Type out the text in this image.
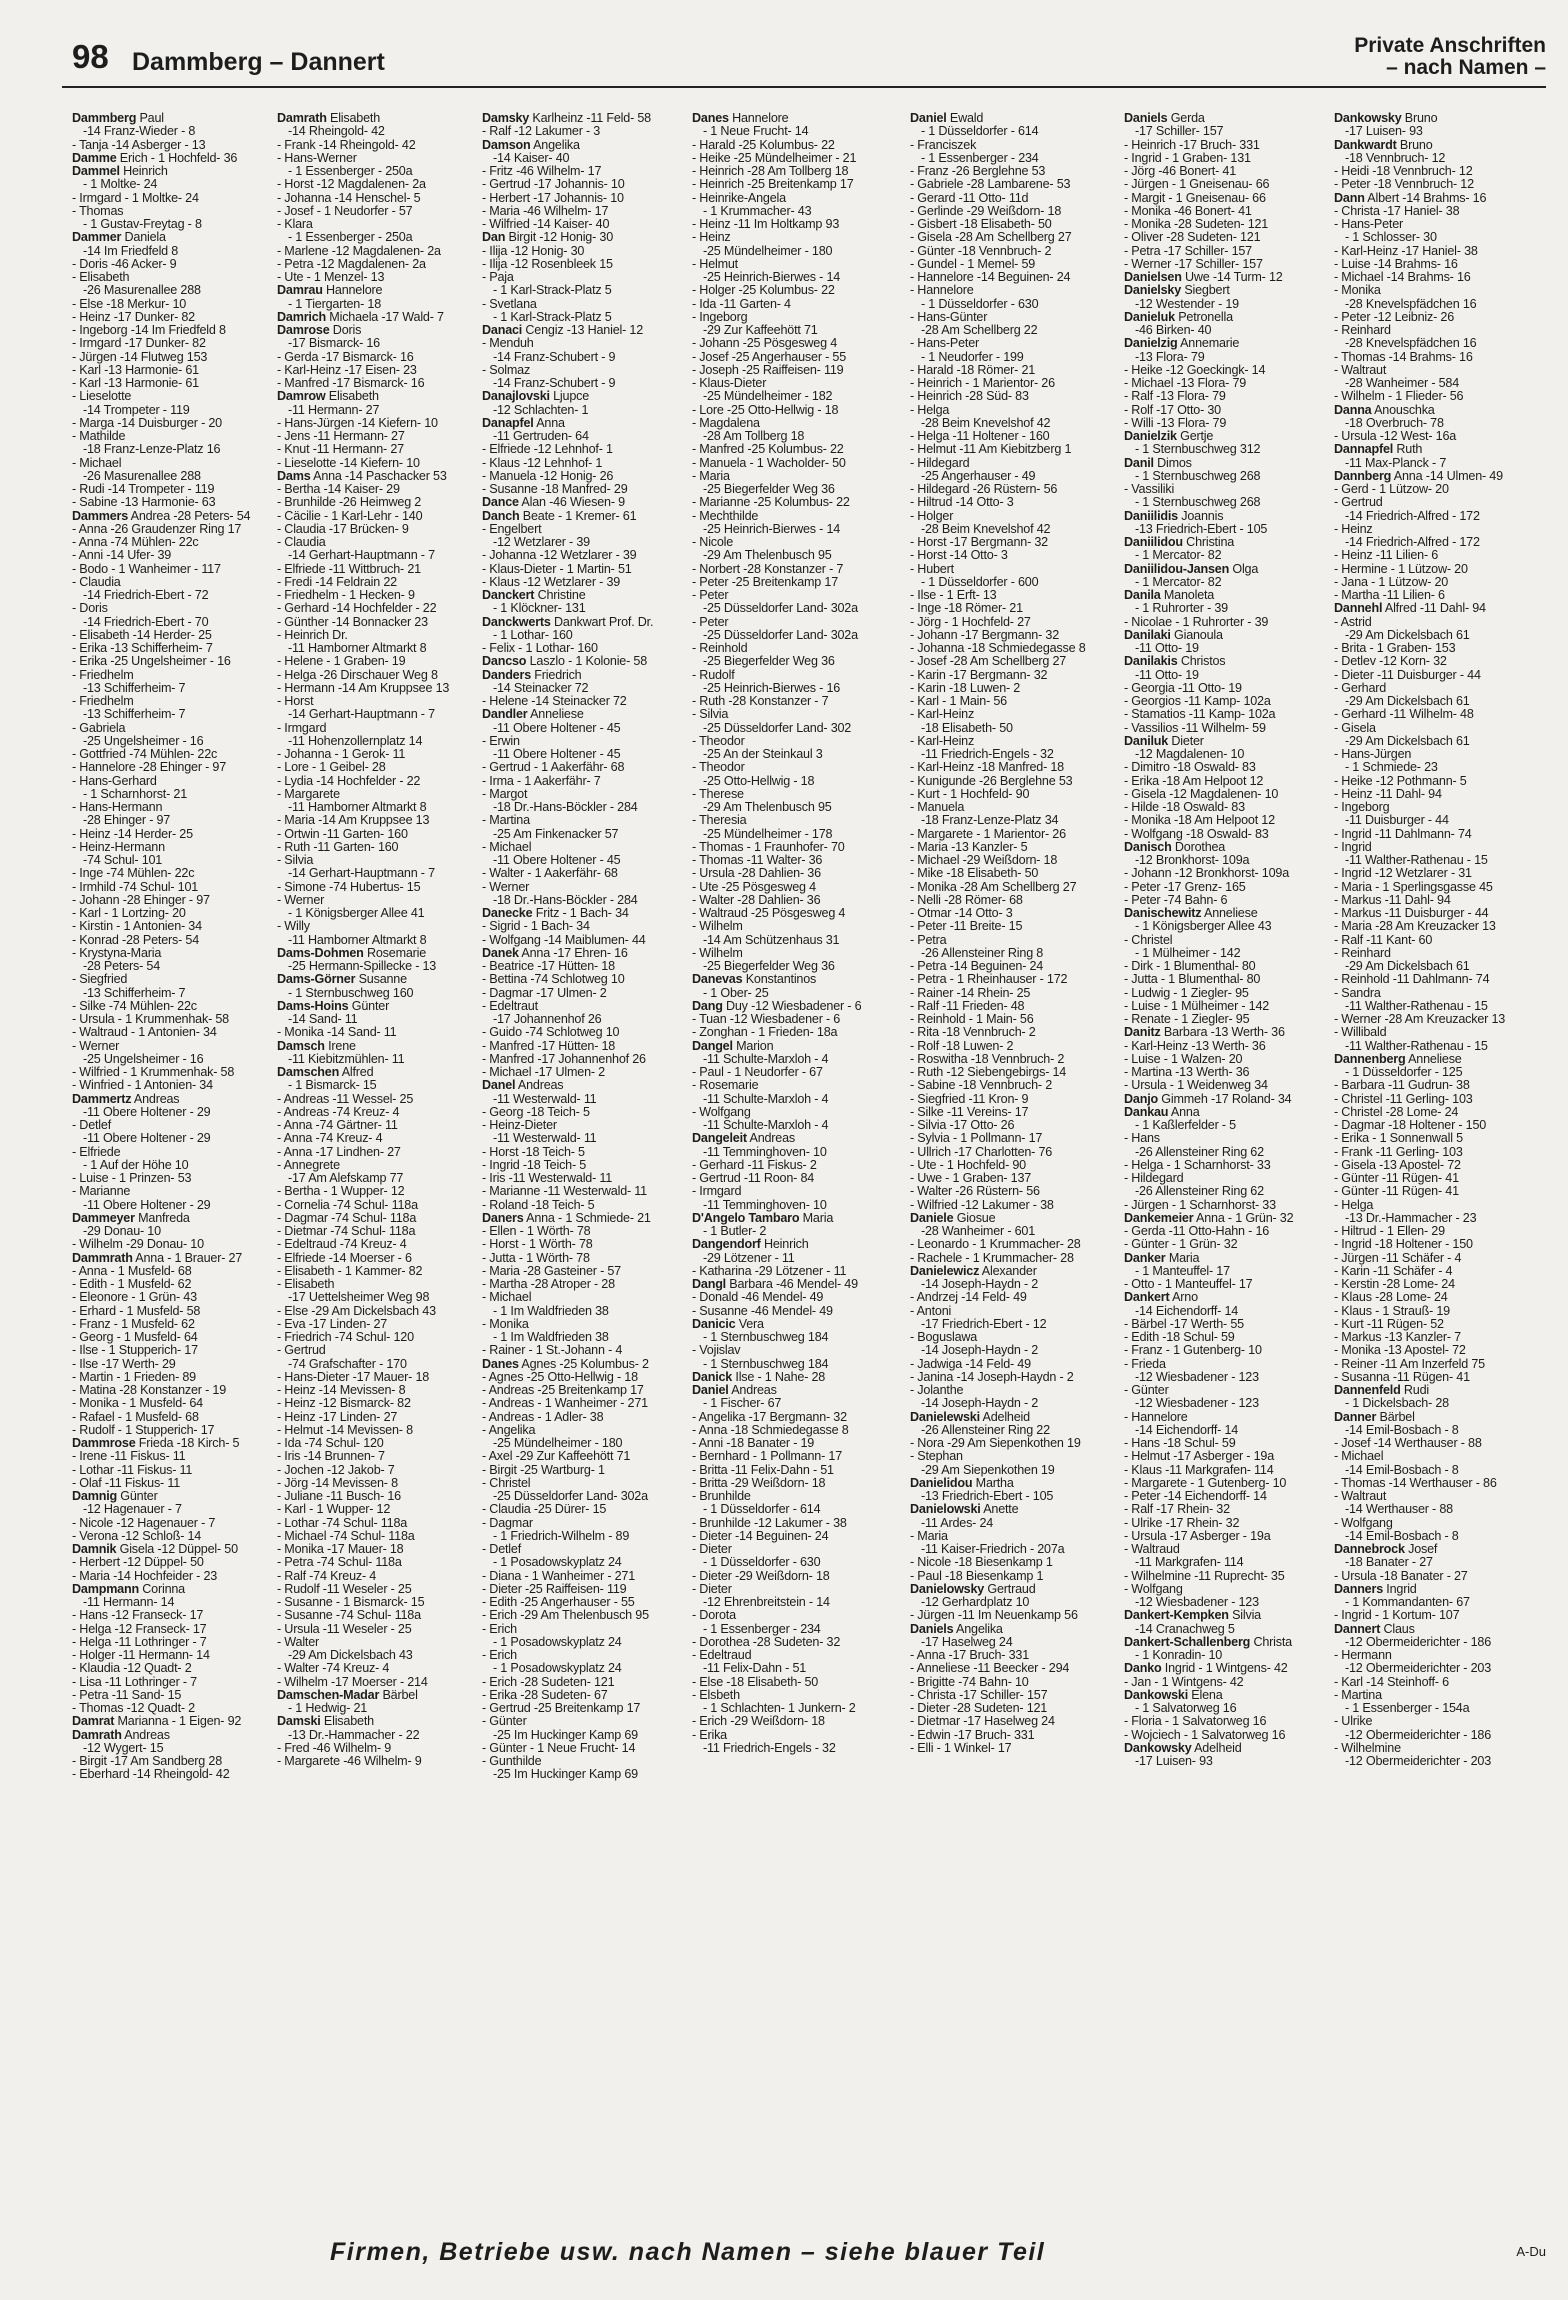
98 Dammberg – Dannert
Private Anschriften
– nach Namen –
Dammberg Paul
-14 Franz-Wieder - 8
- Tanja -14 Asberger - 13
Damme Erich - 1 Hochfeld- 36
Dammel Heinrich
- 1 Moltke- 24
- Irmgard - 1 Moltke- 24
- Thomas
- 1 Gustav-Freytag - 8
Dammer Daniela
-14 Im Friedfeld 8
- Doris -46 Acker- 9
- Elisabeth
-26 Masurenallee 288
- Else -18 Merkur- 10
- Heinz -17 Dunker- 82
- Ingeborg -14 Im Friedfeld 8
- Irmgard -17 Dunker- 82
- Jürgen -14 Flutweg 153
- Karl -13 Harmonie- 61
- Karl -13 Harmonie- 61
- Lieselotte
-14 Trompeter - 119
- Marga -14 Duisburger - 20
- Mathilde
-18 Franz-Lenze-Platz 16
- Michael
-26 Masurenallee 288
- Rudi -14 Trompeter - 119
- Sabine -13 Harmonie- 63
Dammers Andrea -28 Peters- 54
- Anna -26 Graudenzer Ring 17
- Anna -74 Mühlen- 22c
- Anni -14 Ufer- 39
- Bodo - 1 Wanheimer - 117
- Claudia
-14 Friedrich-Ebert - 72
- Doris
-14 Friedrich-Ebert - 70
- Elisabeth -14 Herder- 25
- Erika -13 Schifferheim- 7
- Erika -25 Ungelsheimer - 16
- Friedhelm
-13 Schifferheim- 7
- Friedhelm
-13 Schifferheim- 7
- Gabriela
-25 Ungelsheimer - 16
- Gottfried -74 Mühlen- 22c
- Hannelore -28 Ehinger - 97
- Hans-Gerhard
- 1 Scharnhorst- 21
- Hans-Hermann
-28 Ehinger - 97
- Heinz -14 Herder- 25
- Heinz-Hermann
-74 Schul- 101
- Inge -74 Mühlen- 22c
- Irmhild -74 Schul- 101
- Johann -28 Ehinger - 97
- Karl - 1 Lortzing- 20
- Kirstin - 1 Antonien- 34
- Konrad -28 Peters- 54
- Krystyna-Maria
-28 Peters- 54
- Siegfried
-13 Schifferheim- 7
- Silke -74 Mühlen- 22c
- Ursula - 1 Krummenhak- 58
- Waltraud - 1 Antonien- 34
- Werner
-25 Ungelsheimer - 16
- Wilfried - 1 Krummenhak- 58
- Winfried - 1 Antonien- 34
Dammertz Andreas
-11 Obere Holtener - 29
- Detlef
-11 Obere Holtener - 29
- Elfriede
- 1 Auf der Höhe 10
- Luise - 1 Prinzen- 53
- Marianne
-11 Obere Holtener - 29
Dammeyer Manfreda
-29 Donau- 10
- Wilhelm -29 Donau- 10
Dammrath Anna - 1 Brauer- 27
- Anna - 1 Musfeld- 68
- Edith - 1 Musfeld- 62
- Eleonore - 1 Grün- 43
- Erhard - 1 Musfeld- 58
- Franz - 1 Musfeld- 62
- Georg - 1 Musfeld- 64
- Ilse - 1 Stupperich- 17
- Ilse -17 Werth- 29
- Martin - 1 Frieden- 89
- Matina -28 Konstanzer - 19
- Monika - 1 Musfeld- 64
- Rafael - 1 Musfeld- 68
- Rudolf - 1 Stupperich- 17
Dammrose Frieda -18 Kirch- 5
- Irene -11 Fiskus- 11
- Lothar -11 Fiskus- 11
- Olaf -11 Fiskus- 11
Damnig Günter
-12 Hagenauer - 7
- Nicole -12 Hagenauer - 7
- Verona -12 Schloß- 14
Damnik Gisela -12 Düppel- 50
- Herbert -12 Düppel- 50
- Maria -14 Hochfeider - 23
Dampmann Corinna
-11 Hermann- 14
- Hans -12 Franseck- 17
- Helga -12 Franseck- 17
- Helga -11 Lothringer - 7
- Holger -11 Hermann- 14
- Klaudia -12 Quadt- 2
- Lisa -11 Lothringer - 7
- Petra -11 Sand- 15
- Thomas -12 Quadt- 2
Damrat Marianna - 1 Eigen- 92
Damrath Andreas
-12 Wygert- 15
- Birgit -17 Am Sandberg 28
- Eberhard -14 Rheingold- 42
Damrath Elisabeth
-14 Rheingold- 42
- Frank -14 Rheingold- 42
- Hans-Werner
- 1 Essenberger - 250a
- Horst -12 Magdalenen- 2a
- Johanna -14 Henschel- 5
- Josef - 1 Neudorfer - 57
- Klara
- 1 Essenberger - 250a
- Marlene -12 Magdalenen- 2a
- Petra -12 Magdalenen- 2a
- Ute - 1 Menzel- 13
Damrau Hannelore
- 1 Tiergarten- 18
Damrich Michaela -17 Wald- 7
Damrose Doris
-17 Bismarck- 16
- Gerda -17 Bismarck- 16
- Karl-Heinz -17 Eisen- 23
- Manfred -17 Bismarck- 16
Damrow Elisabeth
-11 Hermann- 27
- Hans-Jürgen -14 Kiefern- 10
- Jens -11 Hermann- 27
- Knut -11 Hermann- 27
- Lieselotte -14 Kiefern- 10
Dams Anna -14 Paschacker 53
- Bertha -14 Kaiser- 29
- Brunhilde -26 Heimweg 2
- Cäcilie - 1 Karl-Lehr - 140
- Claudia -17 Brücken- 9
- Claudia
-14 Gerhart-Hauptmann - 7
- Elfriede -11 Wittbruch- 21
- Fredi -14 Feldrain 22
- Friedhelm - 1 Hecken- 9
- Gerhard -14 Hochfelder - 22
- Günther -14 Bonnacker 23
- Heinrich Dr.
-11 Hamborner Altmarkt 8
- Helene - 1 Graben- 19
- Helga -26 Dirschauer Weg 8
- Hermann -14 Am Kruppsee 13
- Horst
-14 Gerhart-Hauptmann - 7
- Irmgard
-11 Hohenzollernplatz 14
- Johanna - 1 Gerok- 11
- Lore - 1 Geibel- 28
- Lydia -14 Hochfelder - 22
- Margarete
-11 Hamborner Altmarkt 8
- Maria -14 Am Kruppsee 13
- Ortwin -11 Garten- 160
- Ruth -11 Garten- 160
- Silvia
-14 Gerhart-Hauptmann - 7
- Simone -74 Hubertus- 15
- Werner
- 1 Königsberger Allee 41
- Willy
-11 Hamborner Altmarkt 8
Dams-Dohmen Rosemarie
-25 Hermann-Spillecke - 13
Dams-Görner Susanne
- 1 Sternbuschweg 160
Dams-Hoins Günter
-14 Sand- 11
- Monika -14 Sand- 11
Damsch Irene
-11 Kiebitzmühlen- 11
Damschen Alfred
- 1 Bismarck- 15
- Andreas -11 Wessel- 25
- Andreas -74 Kreuz- 4
- Anna -74 Gärtner- 11
- Anna -74 Kreuz- 4
- Anna -17 Lindhen- 27
- Annegrete
-17 Am Alefskamp 77
- Bertha - 1 Wupper- 12
- Cornelia -74 Schul- 118a
- Dagmar -74 Schul- 118a
- Dietmar -74 Schul- 118a
- Edeltraud -74 Kreuz- 4
- Elfriede -14 Moerser - 6
- Elisabeth - 1 Kammer- 82
- Elisabeth
-17 Uettelsheimer Weg 98
- Else -29 Am Dickelsbach 43
- Eva -17 Linden- 27
- Friedrich -74 Schul- 120
- Gertrud
-74 Grafschafter - 170
- Hans-Dieter -17 Mauer- 18
- Heinz -14 Mevissen- 8
- Heinz -12 Bismarck- 82
- Heinz -17 Linden- 27
- Helmut -14 Mevissen- 8
- Ida -74 Schul- 120
- Iris -14 Brunnen- 7
- Jochen -12 Jakob- 7
- Jörg -14 Mevissen- 8
- Juliane -11 Busch- 16
- Karl - 1 Wupper- 12
- Lothar -74 Schul- 118a
- Michael -74 Schul- 118a
- Monika -17 Mauer- 18
- Petra -74 Schul- 118a
- Ralf -74 Kreuz- 4
- Rudolf -11 Weseler - 25
- Susanne - 1 Bismarck- 15
- Susanne -74 Schul- 118a
- Ursula -11 Weseler - 25
- Walter
-29 Am Dickelsbach 43
- Walter -74 Kreuz- 4
- Wilhelm -17 Moerser - 214
Damschen-Madar Bärbel
- 1 Hedwig- 21
Damski Elisabeth
-13 Dr.-Hammacher - 22
- Fred -46 Wilhelm- 9
- Margarete -46 Wilhelm- 9
Damsky Karlheinz -11 Feld- 58
- Ralf -12 Lakumer - 3
Damson Angelika
-14 Kaiser- 40
- Fritz -46 Wilhelm- 17
- Gertrud -17 Johannis- 10
- Herbert -17 Johannis- 10
- Maria -46 Wilhelm- 17
- Wilfried -14 Kaiser- 40
Dan Birgit -12 Honig- 30
- Ilija -12 Honig- 30
- Ilija -12 Rosenbleek 15
- Paja
- 1 Karl-Strack-Platz 5
- Svetlana
- 1 Karl-Strack-Platz 5
Danaci Cengiz -13 Haniel- 12
- Menduh
-14 Franz-Schubert - 9
- Solmaz
-14 Franz-Schubert - 9
Danajlovski Ljupce
-12 Schlachten- 1
Danapfel Anna
-11 Gertruden- 64
- Elfriede -12 Lehnhof- 1
- Klaus -12 Lehnhof- 1
- Manuela -12 Honig- 26
- Susanne -18 Manfred- 29
Dance Alan -46 Wiesen- 9
Danch Beate - 1 Kremer- 61
- Engelbert
-12 Wetzlarer - 39
- Johanna -12 Wetzlarer - 39
- Klaus-Dieter - 1 Martin- 51
- Klaus -12 Wetzlarer - 39
Danckert Christine
- 1 Klöckner- 131
Danckwerts Dankwart Prof. Dr.
- 1 Lothar- 160
- Felix - 1 Lothar- 160
Dancso Laszlo - 1 Kolonie- 58
Danders Friedrich
-14 Steinacker 72
- Helene -14 Steinacker 72
Dandler Anneliese
-11 Obere Holtener - 45
- Erwin
-11 Obere Holtener - 45
- Gertrud - 1 Aakerfähr- 68
- Irma - 1 Aakerfähr- 7
- Margot
-18 Dr.-Hans-Böckler - 284
- Martina
-25 Am Finkenacker 57
- Michael
-11 Obere Holtener - 45
- Walter - 1 Aakerfähr- 68
- Werner
-18 Dr.-Hans-Böckler - 284
Danecke Fritz - 1 Bach- 34
- Sigrid - 1 Bach- 34
- Wolfgang -14 Maiblumen- 44
Danek Anna -17 Ehren- 16
- Beatrice -17 Hütten- 18
- Bettina -74 Schlotweg 10
- Dagmar -17 Ulmen- 2
- Edeltraut
-17 Johannenhof 26
- Guido -74 Schlotweg 10
- Manfred -17 Hütten- 18
- Manfred -17 Johannenhof 26
- Michael -17 Ulmen- 2
Danel Andreas
-11 Westerwald- 11
- Georg -18 Teich- 5
- Heinz-Dieter
-11 Westerwald- 11
- Horst -18 Teich- 5
- Ingrid -18 Teich- 5
- Iris -11 Westerwald- 11
- Marianne -11 Westerwald- 11
- Roland -18 Teich- 5
Daners Anna - 1 Schmiede- 21
- Ellen - 1 Wörth- 78
- Horst - 1 Wörth- 78
- Jutta - 1 Wörth- 78
- Maria -28 Gasteiner - 57
- Martha -28 Atroper - 28
- Michael
- 1 Im Waldfrieden 38
- Monika
- 1 Im Waldfrieden 38
- Rainer - 1 St.-Johann - 4
Danes Agnes -25 Kolumbus- 2
- Agnes -25 Otto-Hellwig - 18
- Andreas -25 Breitenkamp 17
- Andreas - 1 Wanheimer - 271
- Andreas - 1 Adler- 38
- Angelika
-25 Mündelheimer - 180
- Axel -29 Zur Kaffeehött 71
- Birgit -25 Wartburg- 1
- Christel
-25 Düsseldorfer Land- 302a
- Claudia -25 Dürer- 15
- Dagmar
- 1 Friedrich-Wilhelm - 89
- Detlef
- 1 Posadowskyplatz 24
- Diana - 1 Wanheimer - 271
- Dieter -25 Raiffeisen- 119
- Edith -25 Angerhauser - 55
- Erich -29 Am Thelenbusch 95
- Erich
- 1 Posadowskyplatz 24
- Erich
- 1 Posadowskyplatz 24
- Erich -28 Sudeten- 121
- Erika -28 Sudeten- 67
- Gertrud -25 Breitenkamp 17
- Günter
-25 Im Huckinger Kamp 69
- Günter - 1 Neue Frucht- 14
- Gunthilde
-25 Im Huckinger Kamp 69
Danes Hannelore
- 1 Neue Frucht- 14
- Harald -25 Kolumbus- 22
- Heike -25 Mündelheimer - 21
- Heinrich -28 Am Tollberg 18
- Heinrich -25 Breitenkamp 17
- Heinrike-Angela
- 1 Krummacher- 43
- Heinz -11 Im Holtkamp 93
- Heinz
-25 Mündelheimer - 180
- Helmut
-25 Heinrich-Bierwes - 14
- Holger -25 Kolumbus- 22
- Ida -11 Garten- 4
- Ingeborg
-29 Zur Kaffeehött 71
- Johann -25 Pösgesweg 4
- Josef -25 Angerhauser - 55
- Joseph -25 Raiffeisen- 119
- Klaus-Dieter
-25 Mündelheimer - 182
- Lore -25 Otto-Hellwig - 18
- Magdalena
-28 Am Tollberg 18
- Manfred -25 Kolumbus- 22
- Manuela - 1 Wacholder- 50
- Maria
-25 Biegerfelder Weg 36
- Marianne -25 Kolumbus- 22
- Mechthilde
-25 Heinrich-Bierwes - 14
- Nicole
-29 Am Thelenbusch 95
- Norbert -28 Konstanzer - 7
- Peter -25 Breitenkamp 17
- Peter
-25 Düsseldorfer Land- 302a
- Peter
-25 Düsseldorfer Land- 302a
- Reinhold
-25 Biegerfelder Weg 36
- Rudolf
-25 Heinrich-Bierwes - 16
- Ruth -28 Konstanzer - 7
- Silvia
-25 Düsseldorfer Land- 302
- Theodor
-25 An der Steinkaul 3
- Theodor
-25 Otto-Hellwig - 18
- Therese
-29 Am Thelenbusch 95
- Theresia
-25 Mündelheimer - 178
- Thomas - 1 Fraunhofer- 70
- Thomas -11 Walter- 36
- Ursula -28 Dahlien- 36
- Ute -25 Pösgesweg 4
- Walter -28 Dahlien- 36
- Waltraud -25 Pösgesweg 4
- Wilhelm
-14 Am Schützenhaus 31
- Wilhelm
-25 Biegerfelder Weg 36
Danevas Konstantinos
- 1 Ober- 25
Dang Duy -12 Wiesbadener - 6
- Tuan -12 Wiesbadener - 6
- Zonghan - 1 Frieden- 18a
Dangel Marion
-11 Schulte-Marxloh - 4
- Paul - 1 Neudorfer - 67
- Rosemarie
-11 Schulte-Marxloh - 4
- Wolfgang
-11 Schulte-Marxloh - 4
Dangeleit Andreas
-11 Temminghoven- 10
- Gerhard -11 Fiskus- 2
- Gertrud -11 Roon- 84
- Irmgard
-11 Temminghoven- 10
D'Angelo Tambaro Maria
- 1 Butler- 2
Dangendorf Heinrich
-29 Lötzener - 11
- Katharina -29 Lötzener - 11
Dangl Barbara -46 Mendel- 49
- Donald -46 Mendel- 49
- Susanne -46 Mendel- 49
Danicic Vera
- 1 Sternbuschweg 184
- Vojislav
- 1 Sternbuschweg 184
Danick Ilse - 1 Nahe- 28
Daniel Andreas
- 1 Fischer- 67
- Angelika -17 Bergmann- 32
- Anna -18 Schmiedegasse 8
- Anni -18 Banater - 19
- Bernhard - 1 Pollmann- 17
- Britta -11 Felix-Dahn - 51
- Britta -29 Weißdorn- 18
- Brunhilde
- 1 Düsseldorfer - 614
- Brunhilde -12 Lakumer - 38
- Dieter -14 Beguinen- 24
- Dieter
- 1 Düsseldorfer - 630
- Dieter -29 Weißdorn- 18
- Dieter
-12 Ehrenbreitstein - 14
- Dorota
- 1 Essenberger - 234
- Dorothea -28 Sudeten- 32
- Edeltraud
-11 Felix-Dahn - 51
- Else -18 Elisabeth- 50
- Elsbeth
- 1 Schlachten- 1 Junkern- 2
- Erich -29 Weißdorn- 18
- Erika
-11 Friedrich-Engels - 32
Daniel Ewald
- 1 Düsseldorfer - 614
- Franciszek
- 1 Essenberger - 234
- Franz -26 Berglehne 53
- Gabriele -28 Lambarene- 53
- Gerard -11 Otto- 11d
- Gerlinde -29 Weißdorn- 18
- Gisbert -18 Elisabeth- 50
- Gisela -28 Am Schellberg 27
- Günter -18 Vennbruch- 2
- Gundel - 1 Memel- 59
- Hannelore -14 Beguinen- 24
- Hannelore
- 1 Düsseldorfer - 630
- Hans-Günter
-28 Am Schellberg 22
- Hans-Peter
- 1 Neudorfer - 199
- Harald -18 Römer- 21
- Heinrich - 1 Marientor- 26
- Heinrich -28 Süd- 83
- Helga
-28 Beim Knevelshof 42
- Helga -11 Holtener - 160
- Helmut -11 Am Kiebitzberg 1
- Hildegard
-25 Angerhauser - 49
- Hildegard -26 Rüstern- 56
- Hiltrud -14 Otto- 3
- Holger
-28 Beim Knevelshof 42
- Horst -17 Bergmann- 32
- Horst -14 Otto- 3
- Hubert
- 1 Düsseldorfer - 600
- Ilse - 1 Erft- 13
- Inge -18 Römer- 21
- Jörg - 1 Hochfeld- 27
- Johann -17 Bergmann- 32
- Johanna -18 Schmiedegasse 8
- Josef -28 Am Schellberg 27
- Karin -17 Bergmann- 32
- Karin -18 Luwen- 2
- Karl - 1 Main- 56
- Karl-Heinz
-18 Elisabeth- 50
- Karl-Heinz
-11 Friedrich-Engels - 32
- Karl-Heinz -18 Manfred- 18
- Kunigunde -26 Berglehne 53
- Kurt - 1 Hochfeld- 90
- Manuela
-18 Franz-Lenze-Platz 34
- Margarete - 1 Marientor- 26
- Maria -13 Kanzler- 5
- Michael -29 Weißdorn- 18
- Mike -18 Elisabeth- 50
- Monika -28 Am Schellberg 27
- Nelli -28 Römer- 68
- Otmar -14 Otto- 3
- Peter -11 Breite- 15
- Petra
-26 Allensteiner Ring 8
- Petra -14 Beguinen- 24
- Petra - 1 Rheinhauser - 172
- Rainer -14 Rhein- 25
- Ralf -11 Frieden- 48
- Reinhold - 1 Main- 56
- Rita -18 Vennbruch- 2
- Rolf -18 Luwen- 2
- Roswitha -18 Vennbruch- 2
- Ruth -12 Siebengebirgs- 14
- Sabine -18 Vennbruch- 2
- Siegfried -11 Kron- 9
- Silke -11 Vereins- 17
- Silvia -17 Otto- 26
- Sylvia - 1 Pollmann- 17
- Ullrich -17 Charlotten- 76
- Ute - 1 Hochfeld- 90
- Uwe - 1 Graben- 137
- Walter -26 Rüstern- 56
- Wilfried -12 Lakumer - 38
Daniele Giosue
-28 Wanheimer - 601
- Leonardo - 1 Krummacher- 28
- Rachele - 1 Krummacher- 28
Danielewicz Alexander
-14 Joseph-Haydn - 2
- Andrzej -14 Feld- 49
- Antoni
-17 Friedrich-Ebert - 12
- Boguslawa
-14 Joseph-Haydn - 2
- Jadwiga -14 Feld- 49
- Janina -14 Joseph-Haydn - 2
- Jolanthe
-14 Joseph-Haydn - 2
Danielewski Adelheid
-26 Allensteiner Ring 22
- Nora -29 Am Siepenkothen 19
- Stephan
-29 Am Siepenkothen 19
Danielidou Martha
-13 Friedrich-Ebert - 105
Danielowski Anette
-11 Ardes- 24
- Maria
-11 Kaiser-Friedrich - 207a
- Nicole -18 Biesenkamp 1
- Paul -18 Biesenkamp 1
Danielowsky Gertraud
-12 Gerhardplatz 10
- Jürgen -11 Im Neuenkamp 56
Daniels Angelika
-17 Haselweg 24
- Anna -17 Bruch- 331
- Anneliese -11 Beecker - 294
- Brigitte -74 Bahn- 10
- Christa -17 Schiller- 157
- Dieter -28 Sudeten- 121
- Dietmar -17 Haselweg 24
- Edwin -17 Bruch- 331
- Elli - 1 Winkel- 17
Daniels Gerda
-17 Schiller- 157
- Heinrich -17 Bruch- 331
- Ingrid - 1 Graben- 131
- Jörg -46 Bonert- 41
- Jürgen - 1 Gneisenau- 66
- Margit - 1 Gneisenau- 66
- Monika -46 Bonert- 41
- Monika -28 Sudeten- 121
- Oliver -28 Sudeten- 121
- Petra -17 Schiller- 157
- Werner -17 Schiller- 157
Danielsen Uwe -14 Turm- 12
Danielsky Siegbert
-12 Westender - 19
Danieluk Petronella
-46 Birken- 40
Danielzig Annemarie
-13 Flora- 79
- Heike -12 Goeckingk- 14
- Michael -13 Flora- 79
- Ralf -13 Flora- 79
- Rolf -17 Otto- 30
- Willi -13 Flora- 79
Danielzik Gertje
- 1 Sternbuschweg 312
Danil Dimos
- 1 Sternbuschweg 268
- Vassiliki
- 1 Sternbuschweg 268
Daniilidis Joannis
-13 Friedrich-Ebert - 105
Daniilidou Christina
- 1 Mercator- 82
Daniilidou-Jansen Olga
- 1 Mercator- 82
Danila Manoleta
- 1 Ruhrorter - 39
- Nicolae - 1 Ruhrorter - 39
Danilaki Gianoula
-11 Otto- 19
Danilakis Christos
-11 Otto- 19
- Georgia -11 Otto- 19
- Georgios -11 Kamp- 102a
- Stamatios -11 Kamp- 102a
- Vassilios -11 Wilhelm- 59
Daniluk Dieter
-12 Magdalenen- 10
- Dimitro -18 Oswald- 83
- Erika -18 Am Helpoot 12
- Gisela -12 Magdalenen- 10
- Hilde -18 Oswald- 83
- Monika -18 Am Helpoot 12
- Wolfgang -18 Oswald- 83
Danisch Dorothea
-12 Bronkhorst- 109a
- Johann -12 Bronkhorst- 109a
- Peter -17 Grenz- 165
- Peter -74 Bahn- 6
Danischewitz Anneliese
- 1 Königsberger Allee 43
- Christel
- 1 Mülheimer - 142
- Dirk - 1 Blumenthal- 80
- Jutta - 1 Blumenthal- 80
- Ludwig - 1 Ziegler- 95
- Luise - 1 Mülheimer - 142
- Renate - 1 Ziegler- 95
Danitz Barbara -13 Werth- 36
- Karl-Heinz -13 Werth- 36
- Luise - 1 Walzen- 20
- Martina -13 Werth- 36
- Ursula - 1 Weidenweg 34
Danjo Gimmeh -17 Roland- 34
Dankau Anna
- 1 Kaßlerfelder - 5
- Hans
-26 Allensteiner Ring 62
- Helga - 1 Scharnhorst- 33
- Hildegard
-26 Allensteiner Ring 62
- Jürgen - 1 Scharnhorst- 33
Dankemeier Anna - 1 Grün- 32
- Gerda -11 Otto-Hahn - 16
- Günter - 1 Grün- 32
Danker Maria
- 1 Manteuffel- 17
- Otto - 1 Manteuffel- 17
Dankert Arno
-14 Eichendorff- 14
- Bärbel -17 Werth- 55
- Edith -18 Schul- 59
- Franz - 1 Gutenberg- 10
- Frieda
-12 Wiesbadener - 123
- Günter
-12 Wiesbadener - 123
- Hannelore
-14 Eichendorff- 14
- Hans -18 Schul- 59
- Helmut -17 Asberger - 19a
- Klaus -11 Markgrafen- 114
- Margarete - 1 Gutenberg- 10
- Peter -14 Eichendorff- 14
- Ralf -17 Rhein- 32
- Ulrike -17 Rhein- 32
- Ursula -17 Asberger - 19a
- Waltraud
-11 Markgrafen- 114
- Wilhelmine -11 Ruprecht- 35
- Wolfgang
-12 Wiesbadener - 123
Dankert-Kempken Silvia
-14 Cranachweg 5
Dankert-Schallenberg Christa
- 1 Konradin- 10
Danko Ingrid - 1 Wintgens- 42
- Jan - 1 Wintgens- 42
Dankowski Elena
- 1 Salvatorweg 16
- Floria - 1 Salvatorweg 16
- Wojciech - 1 Salvatorweg 16
Dankowsky Adelheid
-17 Luisen- 93
Dankowsky Bruno
-17 Luisen- 93
Dankwardt Bruno
-18 Vennbruch- 12
- Heidi -18 Vennbruch- 12
- Peter -18 Vennbruch- 12
Dann Albert -14 Brahms- 16
- Christa -17 Haniel- 38
- Hans-Peter
- 1 Schlosser- 30
- Karl-Heinz -17 Haniel- 38
- Luise -14 Brahms- 16
- Michael -14 Brahms- 16
- Monika
-28 Knevelspfädchen 16
- Peter -12 Leibniz- 26
- Reinhard
-28 Knevelspfädchen 16
- Thomas -14 Brahms- 16
- Waltraut
-28 Wanheimer - 584
- Wilhelm - 1 Flieder- 56
Danna Anouschka
-18 Overbruch- 78
- Ursula -12 West- 16a
Dannapfel Ruth
-11 Max-Planck - 7
Dannberg Anna -14 Ulmen- 49
- Gerd - 1 Lützow- 20
- Gertrud
-14 Friedrich-Alfred - 172
- Heinz
-14 Friedrich-Alfred - 172
- Heinz -11 Lilien- 6
- Hermine - 1 Lützow- 20
- Jana - 1 Lützow- 20
- Martha -11 Lilien- 6
Dannehl Alfred -11 Dahl- 94
- Astrid
-29 Am Dickelsbach 61
- Brita - 1 Graben- 153
- Detlev -12 Korn- 32
- Dieter -11 Duisburger - 44
- Gerhard
-29 Am Dickelsbach 61
- Gerhard -11 Wilhelm- 48
- Gisela
-29 Am Dickelsbach 61
- Hans-Jürgen
- 1 Schmiede- 23
- Heike -12 Pothmann- 5
- Heinz -11 Dahl- 94
- Ingeborg
-11 Duisburger - 44
- Ingrid -11 Dahlmann- 74
- Ingrid
-11 Walther-Rathenau - 15
- Ingrid -12 Wetzlarer - 31
- Maria - 1 Sperlingsgasse 45
- Markus -11 Dahl- 94
- Markus -11 Duisburger - 44
- Maria -28 Am Kreuzacker 13
- Ralf -11 Kant- 60
- Reinhard
-29 Am Dickelsbach 61
- Reinhold -11 Dahlmann- 74
- Sandra
-11 Walther-Rathenau - 15
- Werner -28 Am Kreuzacker 13
- Willibald
-11 Walther-Rathenau - 15
Dannenberg Anneliese
- 1 Düsseldorfer - 125
- Barbara -11 Gudrun- 38
- Christel -11 Gerling- 103
- Christel -28 Lome- 24
- Dagmar -18 Holtener - 150
- Erika - 1 Sonnenwall 5
- Frank -11 Gerling- 103
- Gisela -13 Apostel- 72
- Günter -11 Rügen- 41
- Günter -11 Rügen- 41
- Helga
-13 Dr.-Hammacher - 23
- Hiltrud - 1 Ellen- 29
- Ingrid -18 Holtener - 150
- Jürgen -11 Schäfer - 4
- Karin -11 Schäfer - 4
- Kerstin -28 Lome- 24
- Klaus -28 Lome- 24
- Klaus - 1 Strauß- 19
- Kurt -11 Rügen- 52
- Markus -13 Kanzler- 7
- Monika -13 Apostel- 72
- Reiner -11 Am Inzerfeld 75
- Susanna -11 Rügen- 41
Dannenfeld Rudi
- 1 Dickelsbach- 28
Danner Bärbel
-14 Emil-Bosbach - 8
- Josef -14 Werthauser - 88
- Michael
-14 Emil-Bosbach - 8
- Thomas -14 Werthauser - 86
- Waltraut
-14 Werthauser - 88
- Wolfgang
-14 Emil-Bosbach - 8
Dannebrock Josef
-18 Banater - 27
- Ursula -18 Banater - 27
Danners Ingrid
- 1 Kommandanten- 67
- Ingrid - 1 Kortum- 107
Dannert Claus
-12 Obermeiderichter - 186
- Hermann
-12 Obermeiderichter - 203
- Karl -14 Steinhoff- 6
- Martina
- 1 Essenberger - 154a
- Ulrike
-12 Obermeiderichter - 186
- Wilhelmine
-12 Obermeiderichter - 203
Firmen, Betriebe usw. nach Namen – siehe blauer Teil	A-Du
